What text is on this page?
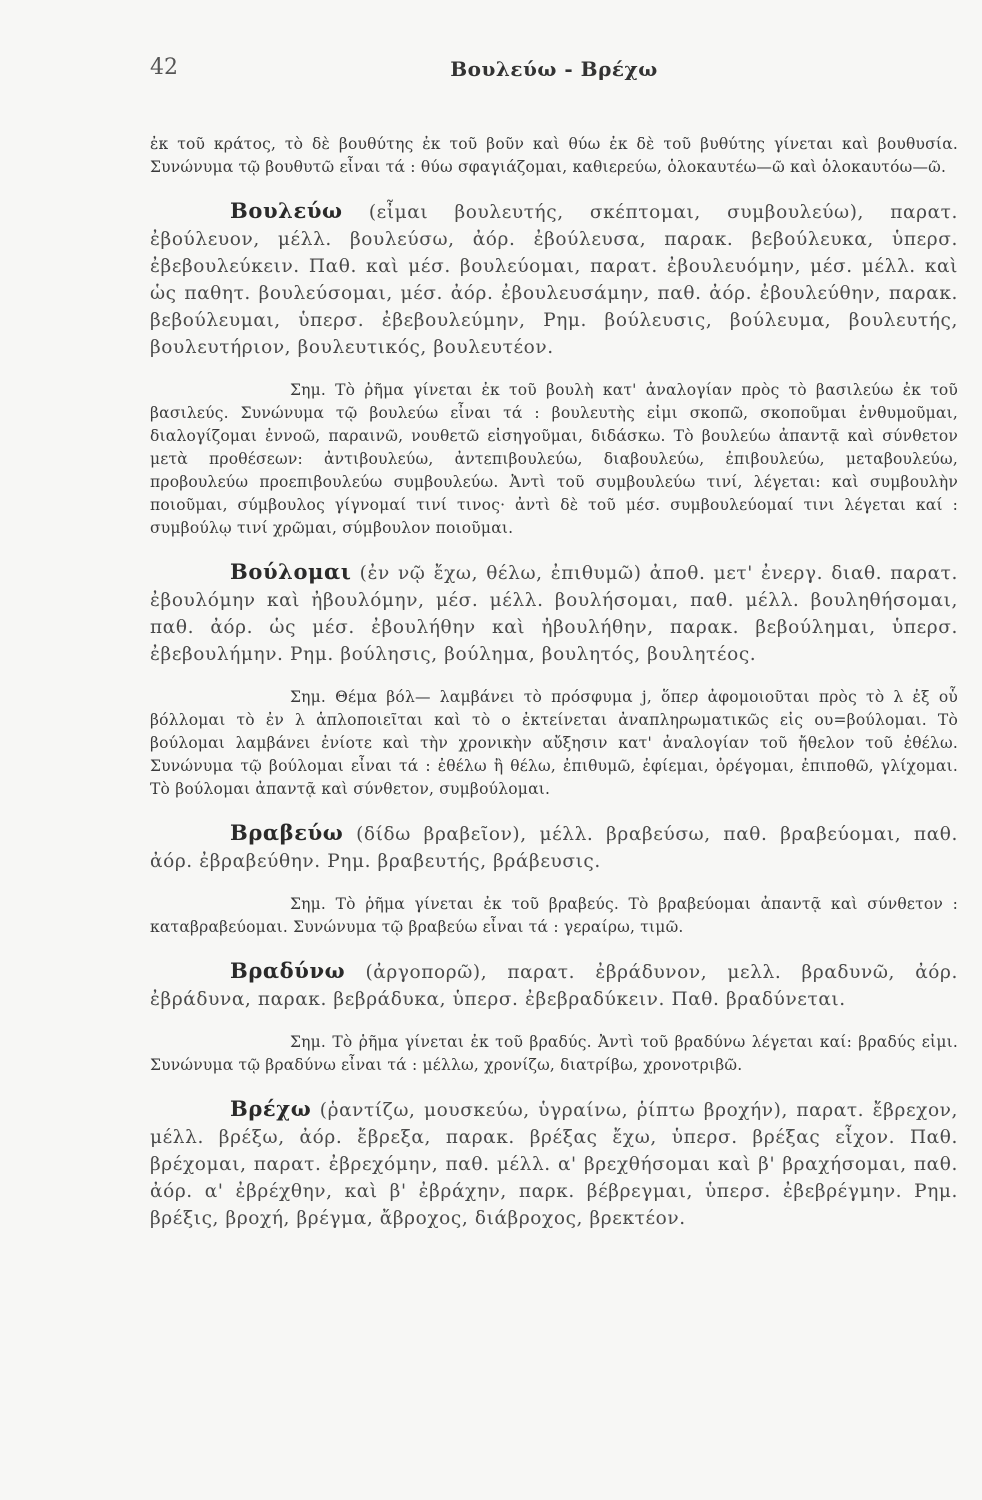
42	Βουλεύω - Βρέχω

ἐκ τοῦ κράτος, τὸ δὲ βουθύτης ἐκ τοῦ βοῦν καὶ θύω ἐκ δὲ τοῦ βυθύτης γίνεται καὶ βουθυσία. Συνώνυμα τῷ βουθυτῶ εἶναι τά : θύω σφαγιάζομαι, καθιερεύω, ὁλοκαυτέω—ῶ καὶ ὁλοκαυτόω—ῶ.

Βουλεύω (εἶμαι βουλευτής, σκέπτομαι, συμβουλεύω), παρατ. ἐβούλευον, μέλλ. βουλεύσω, ἀόρ. ἐβούλευσα, παρακ. βεβούλευκα, ὑπερσ. ἐβεβουλεύκειν. Παθ. καὶ μέσ. βουλεύομαι, παρατ. ἐβουλευόμην, μέσ. μέλλ. καὶ ὡς παθητ. βουλεύσομαι, μέσ. ἀόρ. ἐβουλευσάμην, παθ. ἀόρ. ἐβουλεύθην, παρακ. βεβούλευμαι, ὑπερσ. ἐβεβουλεύμην, Ρημ. βούλευσις, βούλευμα, βουλευτής, βουλευτήριον, βουλευτικός, βουλευτέον.

Σημ. Τὸ ῥῆμα γίνεται ἐκ τοῦ βουλὴ κατ' ἀναλογίαν πρὸς τὸ βασιλεύω ἐκ τοῦ βασιλεύς. Συνώνυμα τῷ βουλεύω εἶναι τά : βουλευτὴς εἰμι σκοπῶ, σκοποῦμαι ἐνθυμοῦμαι, διαλογίζομαι ἐννοῶ, παραινῶ, νουθετῶ εἰσηγοῦμαι, διδάσκω. Τὸ βουλεύω ἀπαντᾷ καὶ σύνθετον μετὰ προθέσεων: ἀντιβουλεύω, ἀντεπιβουλεύω, διαβουλεύω, ἐπιβουλεύω, μεταβουλεύω, προβουλεύω προεπιβουλεύω συμβουλεύω. Ἀντὶ τοῦ συμβουλεύω τινί, λέγεται: καὶ συμβουλὴν ποιοῦμαι, σύμβουλος γίγνομαί τινί τινος· ἀντὶ δὲ τοῦ μέσ. συμβουλεύομαί τινι λέγεται καί : συμβούλῳ τινί χρῶμαι, σύμβουλον ποιοῦμαι.

Βούλομαι (ἐν νῷ ἔχω, θέλω, ἐπιθυμῶ) ἀποθ. μετ' ἐνεργ. διαθ. παρατ. ἐβουλόμην καὶ ἠβουλόμην, μέσ. μέλλ. βουλήσομαι, παθ. μέλλ. βουληθήσομαι, παθ. ἀόρ. ὡς μέσ. ἐβουλήθην καὶ ἠβουλήθην, παρακ. βεβούλημαι, ὑπερσ. ἐβεβουλήμην. Ρημ. βούλησις, βούλημα, βουλητός, βουλητέος.

Σημ. Θέμα βόλ— λαμβάνει τὸ πρόσφυμα j, ὅπερ ἀφομοιοῦται πρὸς τὸ λ ἐξ οὗ βόλλομαι τὸ ἐν λ ἁπλοποιεῖται καὶ τὸ ο ἐκτείνεται ἀναπληρωματικῶς εἰς ου=βούλομαι. Τὸ βούλομαι λαμβάνει ἐνίοτε καὶ τὴν χρονικὴν αὔξησιν κατ' ἀναλογίαν τοῦ ἤθελον τοῦ ἐθέλω. Συνώνυμα τῷ βούλομαι εἶναι τά : ἐθέλω ἢ θέλω, ἐπιθυμῶ, ἐφίεμαι, ὀρέγομαι, ἐπιποθῶ, γλίχομαι. Τὸ βούλομαι ἀπαντᾷ καὶ σύνθετον, συμβούλομαι.

Βραβεύω (δίδω βραβεῖον), μέλλ. βραβεύσω, παθ. βραβεύομαι, παθ. ἀόρ. ἐβραβεύθην. Ρημ. βραβευτής, βράβευσις.

Σημ. Τὸ ῥῆμα γίνεται ἐκ τοῦ βραβεύς. Τὸ βραβεύομαι ἀπαντᾷ καὶ σύνθετον : καταβραβεύομαι. Συνώνυμα τῷ βραβεύω εἶναι τά : γεραίρω, τιμῶ.

Βραδύνω (ἀργοπορῶ), παρατ. ἐβράδυνον, μελλ. βραδυνῶ, ἀόρ. ἐβράδυνα, παρακ. βεβράδυκα, ὑπερσ. ἐβεβραδύκειν. Παθ. βραδύνεται.

Σημ. Τὸ ῥῆμα γίνεται ἐκ τοῦ βραδύς. Ἀντὶ τοῦ βραδύνω λέγεται καί: βραδύς εἰμι. Συνώνυμα τῷ βραδύνω εἶναι τά : μέλλω, χρονίζω, διατρίβω, χρονοτριβῶ.

Βρέχω (ῥαντίζω, μουσκεύω, ὑγραίνω, ῥίπτω βροχήν), παρατ. ἔβρεχον, μέλλ. βρέξω, ἀόρ. ἔβρεξα, παρακ. βρέξας ἔχω, ὑπερσ. βρέξας εἶχον. Παθ. βρέχομαι, παρατ. ἐβρεχόμην, παθ. μέλλ. α' βρεχθήσομαι καὶ β' βραχήσομαι, παθ. ἀόρ. α' ἐβρέχθην, καὶ β' ἐβράχην, παρκ. βέβρεγμαι, ὑπερσ. ἐβεβρέγμην. Ρημ. βρέξις, βροχή, βρέγμα, ἄβροχος, διάβροχος, βρεκτέον.
